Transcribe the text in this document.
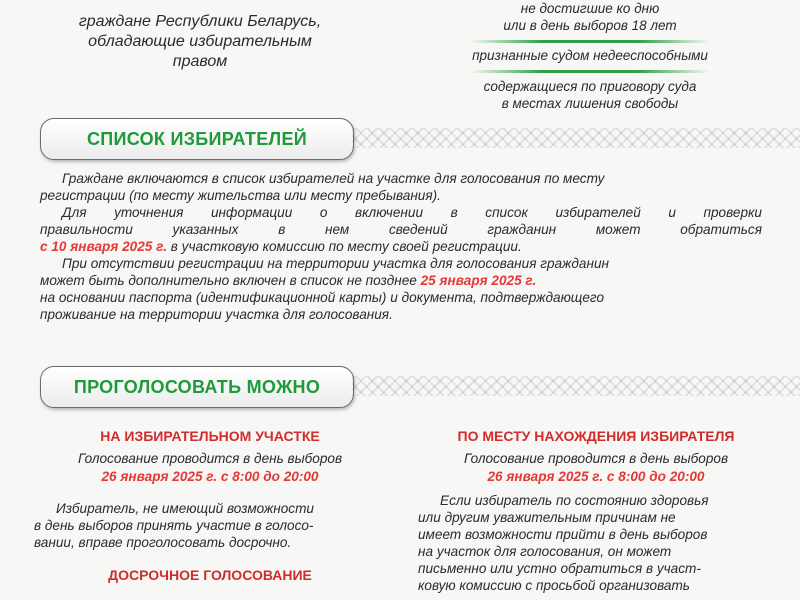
граждане Республики Беларусь,
обладающие избирательным
правом
не достигшие ко дню
или в день выборов 18 лет
признанные судом недееспособными
содержащиеся по приговору суда
в местах лишения свободы
СПИСОК ИЗБИРАТЕЛЕЙ
Граждане включаются в список избирателей на участке для голосования по месту
регистрации (по месту жительства или месту пребывания).
Для уточнения информации о включении в список избирателей и проверки
правильности указанных в нем сведений гражданин может обратиться
с 10 января 2025 г. в участковую комиссию по месту своей регистрации.
При отсутствии регистрации на территории участка для голосования гражданин
может быть дополнительно включен в список не позднее 25 января 2025 г.
на основании паспорта (идентификационной карты) и документа, подтверждающего
проживание на территории участка для голосования.
ПРОГОЛОСОВАТЬ МОЖНО
НА ИЗБИРАТЕЛЬНОМ УЧАСТКЕ
Голосование проводится в день выборов
26 января 2025 г. с 8:00 до 20:00
Избиратель, не имеющий возможности
в день выборов принять участие в голосо-
вании, вправе проголосовать досрочно.
ДОСРОЧНОЕ ГОЛОСОВАНИЕ
ПО МЕСТУ НАХОЖДЕНИЯ ИЗБИРАТЕЛЯ
Голосование проводится в день выборов
26 января 2025 г. с 8:00 до 20:00
Если избиратель по состоянию здоровья
или другим уважительным причинам не
имеет возможности прийти в день выборов
на участок для голосования, он может
письменно или устно обратиться в участ-
ковую комиссию с просьбой организовать
